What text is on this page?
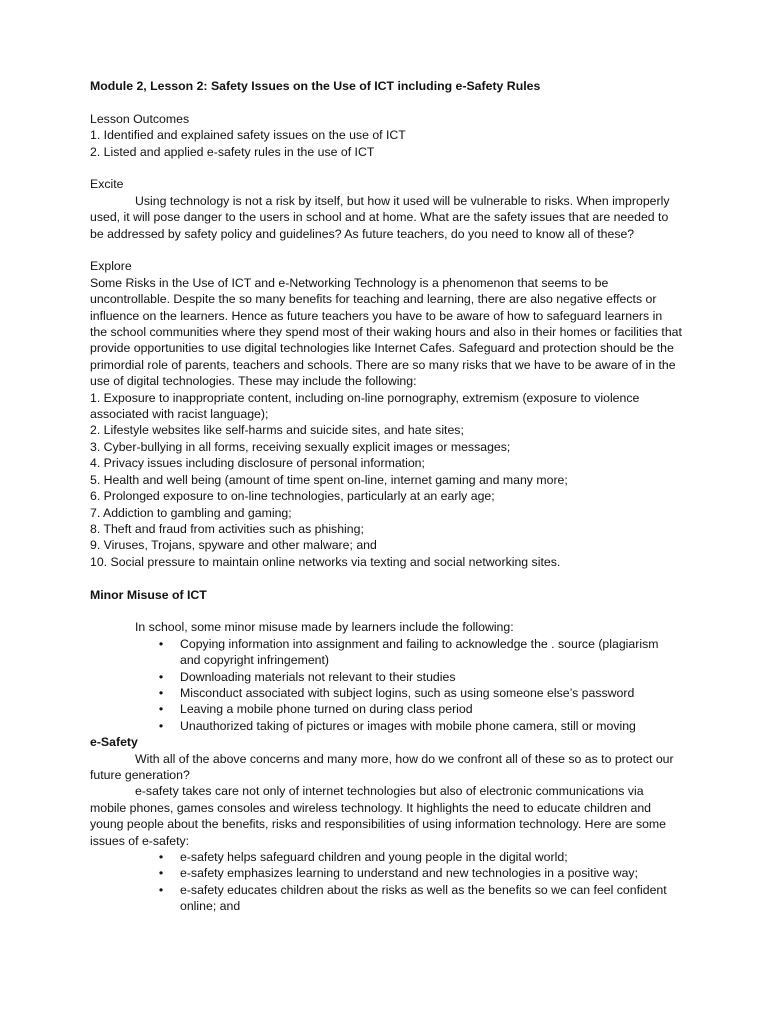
Module 2, Lesson 2: Safety Issues on the Use of ICT including e-Safety Rules

Lesson Outcomes

1. Identified and explained safety issues on the use of ICT

2. Listed and applied e-safety rules in the use of ICT

Excite

Using technology is not a risk by itself, but how it used will be vulnerable to risks. When improperly used, it will pose danger to the users in school and at home. What are the safety issues that are needed to be addressed by safety policy and guidelines? As future teachers, do you need to know all of these?

Explore

Some Risks in the Use of ICT and e-Networking Technology is a phenomenon that seems to be uncontrollable. Despite the so many benefits for teaching and learning, there are also negative effects or influence on the learners. Hence as future teachers you have to be aware of how to safeguard learners in the school communities where they spend most of their waking hours and also in their homes or facilities that provide opportunities to use digital technologies like Internet Cafes. Safeguard and protection should be the primordial role of parents, teachers and schools. There are so many risks that we have to be aware of in the use of digital technologies. These may include the following:

1. Exposure to inappropriate content, including on-line pornography, extremism (exposure to violence associated with racist language);

2. Lifestyle websites like self-harms and suicide sites, and hate sites;

3. Cyber-bullying in all forms, receiving sexually explicit images or messages;

4. Privacy issues including disclosure of personal information;

5. Health and well being (amount of time spent on-line, internet gaming and many more;

6. Prolonged exposure to on-line technologies, particularly at an early age;

7. Addiction to gambling and gaming;

8. Theft and fraud from activities such as phishing;

9. Viruses, Trojans, spyware and other malware; and

10. Social pressure to maintain online networks via texting and social networking sites.

Minor Misuse of ICT

In school, some minor misuse made by learners include the following:

• Copying information into assignment and failing to acknowledge the . source (plagiarism and copyright infringement)
• Downloading materials not relevant to their studies
• Misconduct associated with subject logins, such as using someone else’s password
• Leaving a mobile phone turned on during class period
• Unauthorized taking of pictures or images with mobile phone camera, still or moving

e-Safety

With all of the above concerns and many more, how do we confront all of these so as to protect our future generation?

e-safety takes care not only of internet technologies but also of electronic communications via mobile phones, games consoles and wireless technology. It highlights the need to educate children and young people about the benefits, risks and responsibilities of using information technology. Here are some issues of e-safety:

• e-safety helps safeguard children and young people in the digital world;
• e-safety emphasizes learning to understand and new technologies in a positive way;
• e-safety educates children about the risks as well as the benefits so we can feel confident online; and
